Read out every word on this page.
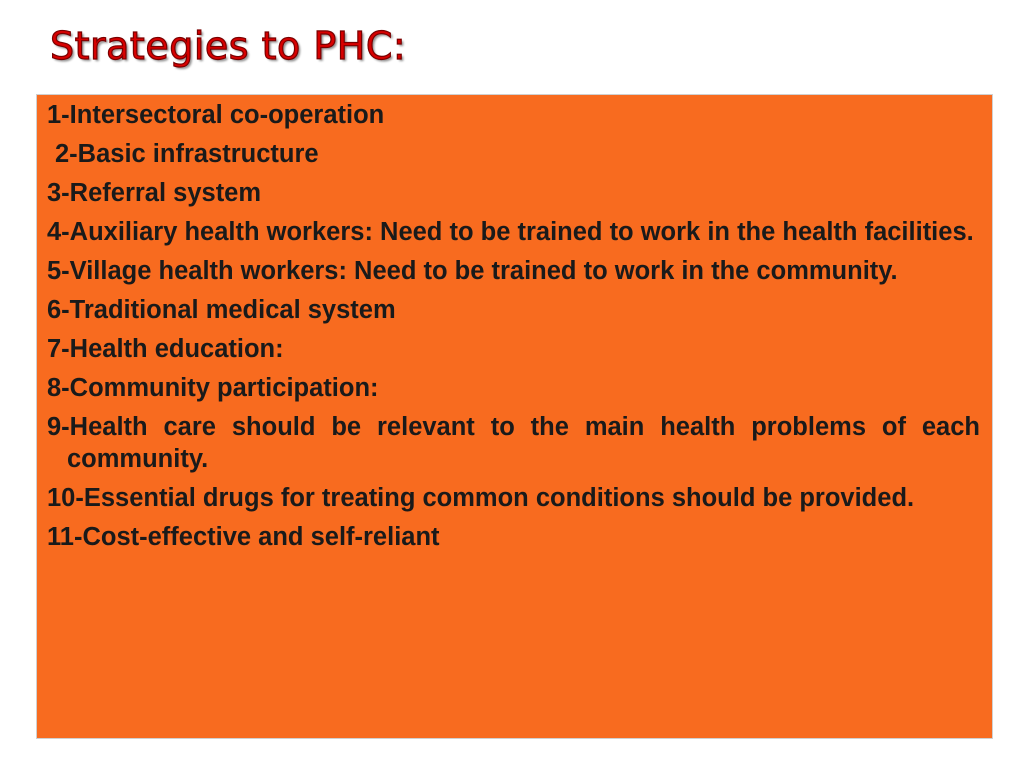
Strategies to PHC:
1-Intersectoral co-operation
2-Basic infrastructure
3-Referral system
4-Auxiliary health workers: Need to be trained to work in the health facilities.
5-Village health workers: Need to be trained to work in the community.
6-Traditional medical system
7-Health education:
8-Community participation:
9-Health care should be relevant to the main health problems of each community.
10-Essential drugs for treating common conditions should be provided.
11-Cost-effective and self-reliant
